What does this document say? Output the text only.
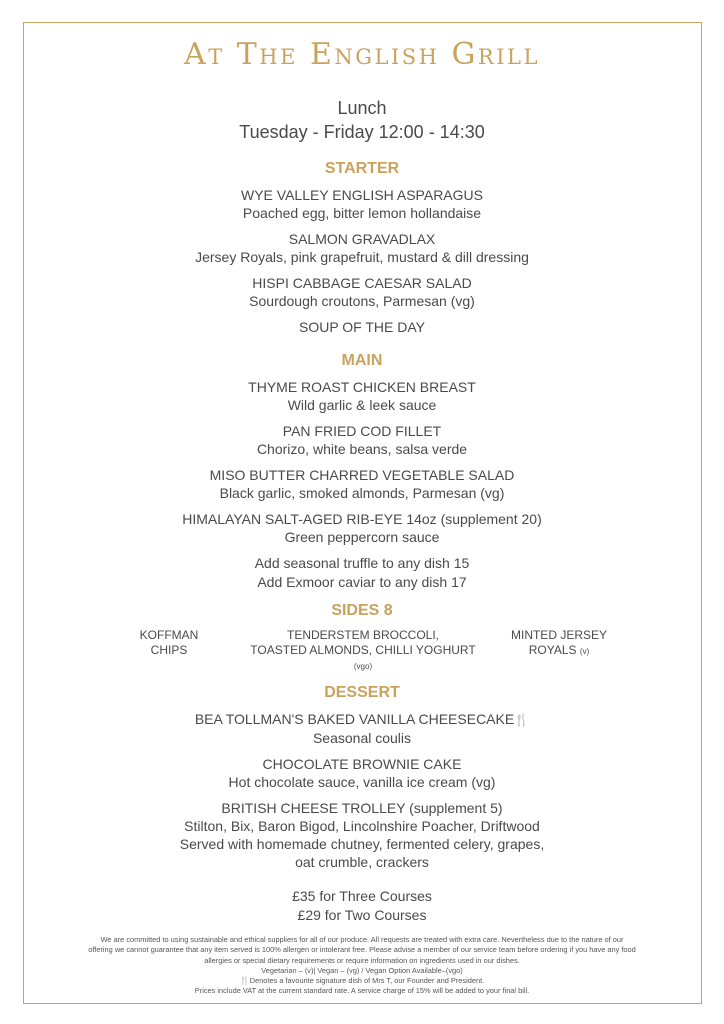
At The English Grill
Lunch
Tuesday - Friday 12:00 - 14:30
STARTER
WYE VALLEY ENGLISH ASPARAGUS
Poached egg, bitter lemon hollandaise
SALMON GRAVADLAX
Jersey Royals, pink grapefruit, mustard & dill dressing
HISPI CABBAGE CAESAR SALAD
Sourdough croutons, Parmesan (vg)
SOUP OF THE DAY
MAIN
THYME ROAST CHICKEN BREAST
Wild garlic & leek sauce
PAN FRIED COD FILLET
Chorizo, white beans, salsa verde
MISO BUTTER CHARRED VEGETABLE SALAD
Black garlic, smoked almonds, Parmesan (vg)
HIMALAYAN SALT-AGED RIB-EYE 14oz (supplement 20)
Green peppercorn sauce
Add seasonal truffle to any dish 15
Add Exmoor caviar to any dish 17
SIDES 8
KOFFMAN
CHIPS
TENDERSTEM BROCCOLI,
TOASTED ALMONDS, CHILLI YOGHURT
(vgo)
MINTED JERSEY
ROYALS (v)
DESSERT
BEA TOLLMAN'S BAKED VANILLA CHEESECAKE🍴
Seasonal coulis
CHOCOLATE BROWNIE CAKE
Hot chocolate sauce, vanilla ice cream (vg)
BRITISH CHEESE TROLLEY (supplement 5)
Stilton, Bix, Baron Bigod, Lincolnshire Poacher, Driftwood
Served with homemade chutney, fermented celery, grapes,
oat crumble, crackers
£35 for Three Courses
£29 for Two Courses
We are committed to using sustainable and ethical suppliers for all of our produce. All requests are treated with extra care. Nevertheless due to the nature of our
offering we cannot guarantee that any item served is 100% allergen or intolerant free. Please advise a member of our service team before ordering if you have any food
allergies or special dietary requirements or require information on ingredients used in our dishes.
Vegetarian – (v)| Vegan – (vg) / Vegan Option Available–(vgo)
🍴Denotes a favourite signature dish of Mrs T, our Founder and President.
Prices include VAT at the current standard rate. A service charge of 15% will be added to your final bill.
